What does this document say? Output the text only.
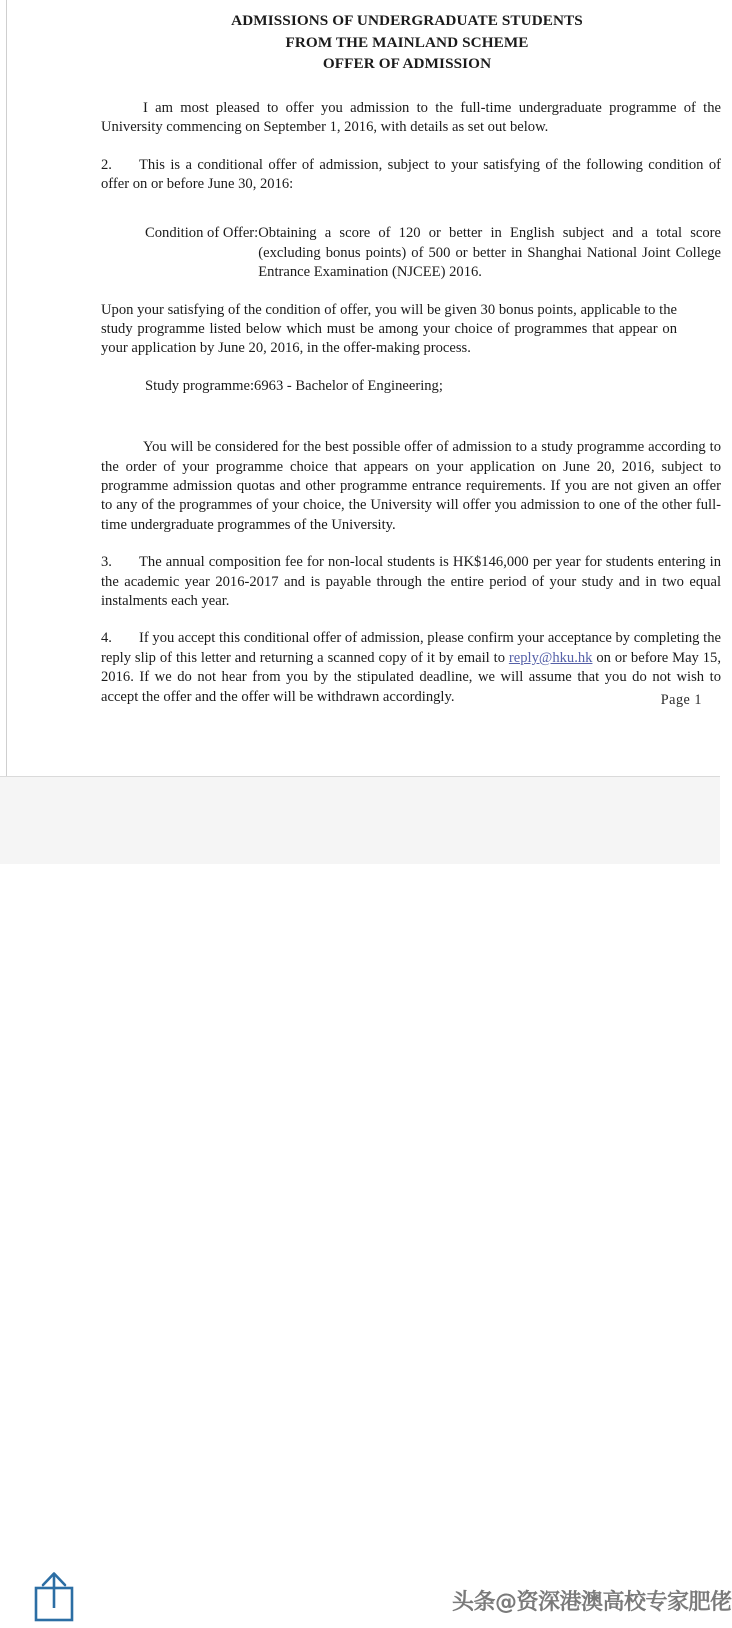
ADMISSIONS OF UNDERGRADUATE STUDENTS
FROM THE MAINLAND SCHEME
OFFER OF ADMISSION

I am most pleased to offer you admission to the full-time undergraduate programme of the University commencing on September 1, 2016, with details as set out below.

2. This is a conditional offer of admission, subject to your satisfying of the following condition of offer on or before June 30, 2016:

Condition of Offer: Obtaining a score of 120 or better in English subject and a total score (excluding bonus points) of 500 or better in Shanghai National Joint College Entrance Examination (NJCEE) 2016.

Upon your satisfying of the condition of offer, you will be given 30 bonus points, applicable to the study programme listed below which must be among your choice of programmes that appear on your application by June 20, 2016, in the offer-making process.

Study programme: 6963 - Bachelor of Engineering;

You will be considered for the best possible offer of admission to a study programme according to the order of your programme choice that appears on your application on June 20, 2016, subject to programme admission quotas and other programme entrance requirements. If you are not given an offer to any of the programmes of your choice, the University will offer you admission to one of the other full-time undergraduate programmes of the University.

3. The annual composition fee for non-local students is HK$146,000 per year for students entering in the academic year 2016-2017 and is payable through the entire period of your study and in two equal instalments each year.

4. If you accept this conditional offer of admission, please confirm your acceptance by completing the reply slip of this letter and returning a scanned copy of it by email to reply@hku.hk on or before May 15, 2016. If we do not hear from you by the stipulated deadline, we will assume that you do not wish to accept the offer and the offer will be withdrawn accordingly.	Page 1
头条@资深港澳高校专家肥佬
